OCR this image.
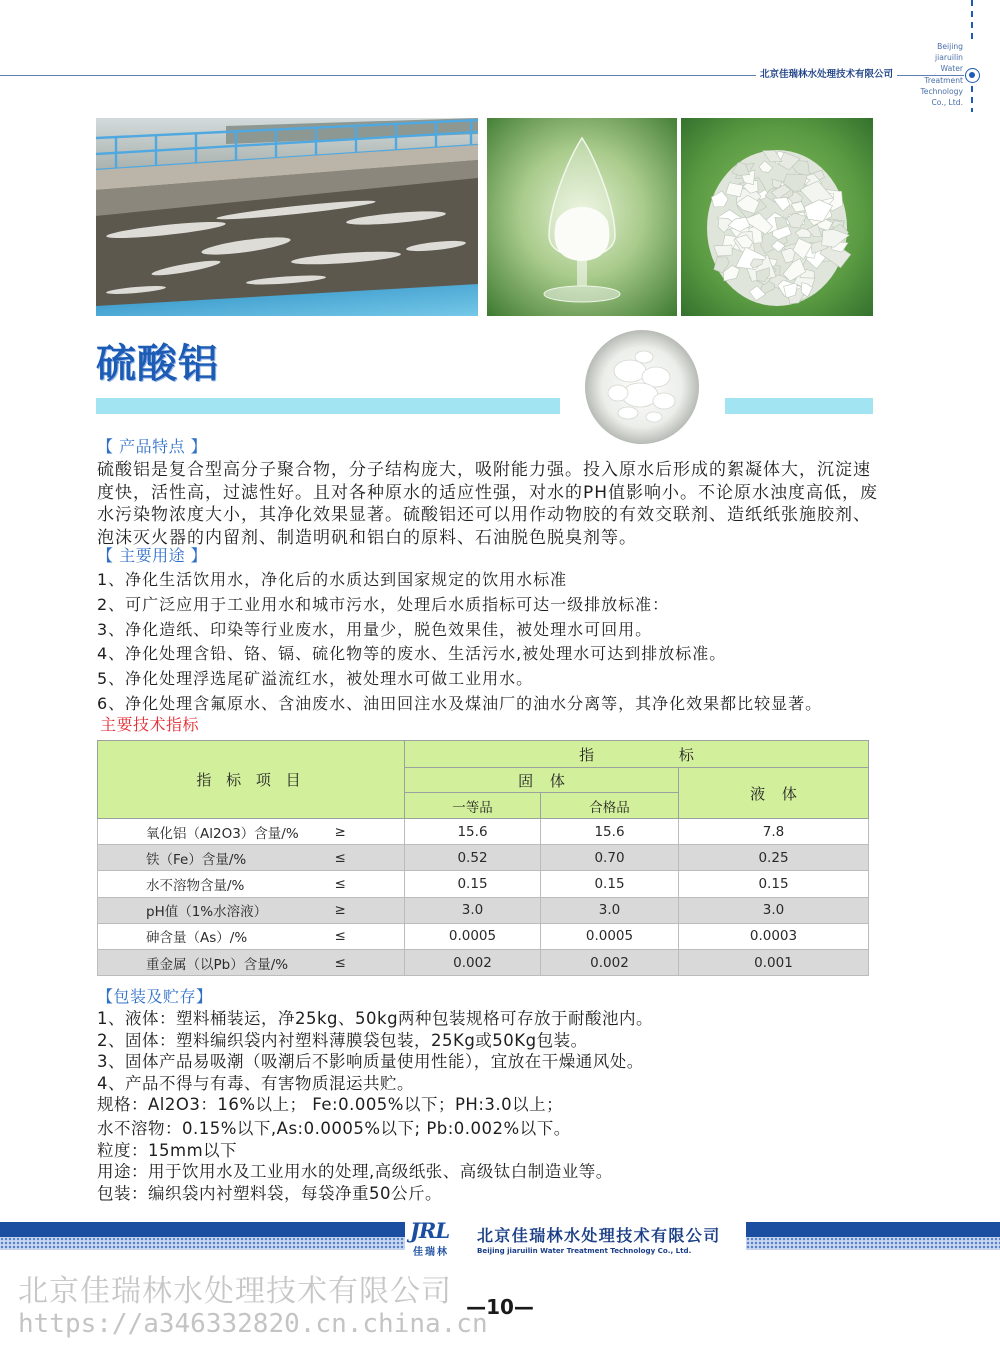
北京佳瑞林水处理技术有限公司
Beijing
jiaruilin
Water
Treatment
Technology
Co., Ltd.
硫酸铝
【 产品特点 】
硫酸铝是复合型高分子聚合物，分子结构庞大，吸附能力强。投入原水后形成的絮凝体大，沉淀速
度快，活性高，过滤性好。且对各种原水的适应性强，对水的PH值影响小。不论原水浊度高低，废
水污染物浓度大小，其净化效果显著。硫酸铝还可以用作动物胶的有效交联剂、造纸纸张施胶剂、
泡沫灭火器的内留剂、制造明矾和铝白的原料、石油脱色脱臭剂等。
【 主要用途 】
1、净化生活饮用水，净化后的水质达到国家规定的饮用水标准
2、可广泛应用于工业用水和城市污水，处理后水质指标可达一级排放标准：
3、净化造纸、印染等行业废水，用量少，脱色效果佳，被处理水可回用。
4、净化处理含铅、铬、镉、硫化物等的废水、生活污水,被处理水可达到排放标准。
5、净化处理浮选尾矿溢流红水，被处理水可做工业用水。
6、净化处理含氟原水、含油废水、油田回注水及煤油厂的油水分离等，其净化效果都比较显著。
主要技术指标
指 标 项 目		指 标		
		固 体		液 体
		一等品	合格品	
氧化铝（Al2O3）含量/%	≥	15.6	15.6	7.8
铁（Fe）含量/%	≤	0.52	0.70	0.25
水不溶物含量/%	≤	0.15	0.15	0.15
pH值（1%水溶液）	≥	3.0	3.0	3.0
砷含量（As）/%	≤	0.0005	0.0005	0.0003
重金属（以Pb）含量/%	≤	0.002	0.002	0.001
【包装及贮存】
1、液体：塑料桶装运，净25kg、50kg两种包装规格可存放于耐酸池内。
2、固体：塑料编织袋内衬塑料薄膜袋包装，25Kg或50Kg包装。
3、固体产品易吸潮（吸潮后不影响质量使用性能），宜放在干燥通风处。
4、产品不得与有毒、有害物质混运共贮。
规格：Al2O3：16%以上； Fe:0.005%以下；PH:3.0以上；
水不溶物：0.15%以下,As:0.0005%以下; Pb:0.002%以下。
粒度：15mm以下
用途：用于饮用水及工业用水的处理,高级纸张、高级钛白制造业等。
包装：编织袋内衬塑料袋，每袋净重50公斤。
JRL
佳瑞林
北京佳瑞林水处理技术有限公司
Beijing jiaruilin Water Treatment Technology Co., Ltd.
—10—
北京佳瑞林水处理技术有限公司
https://a346332820.cn.china.cn
